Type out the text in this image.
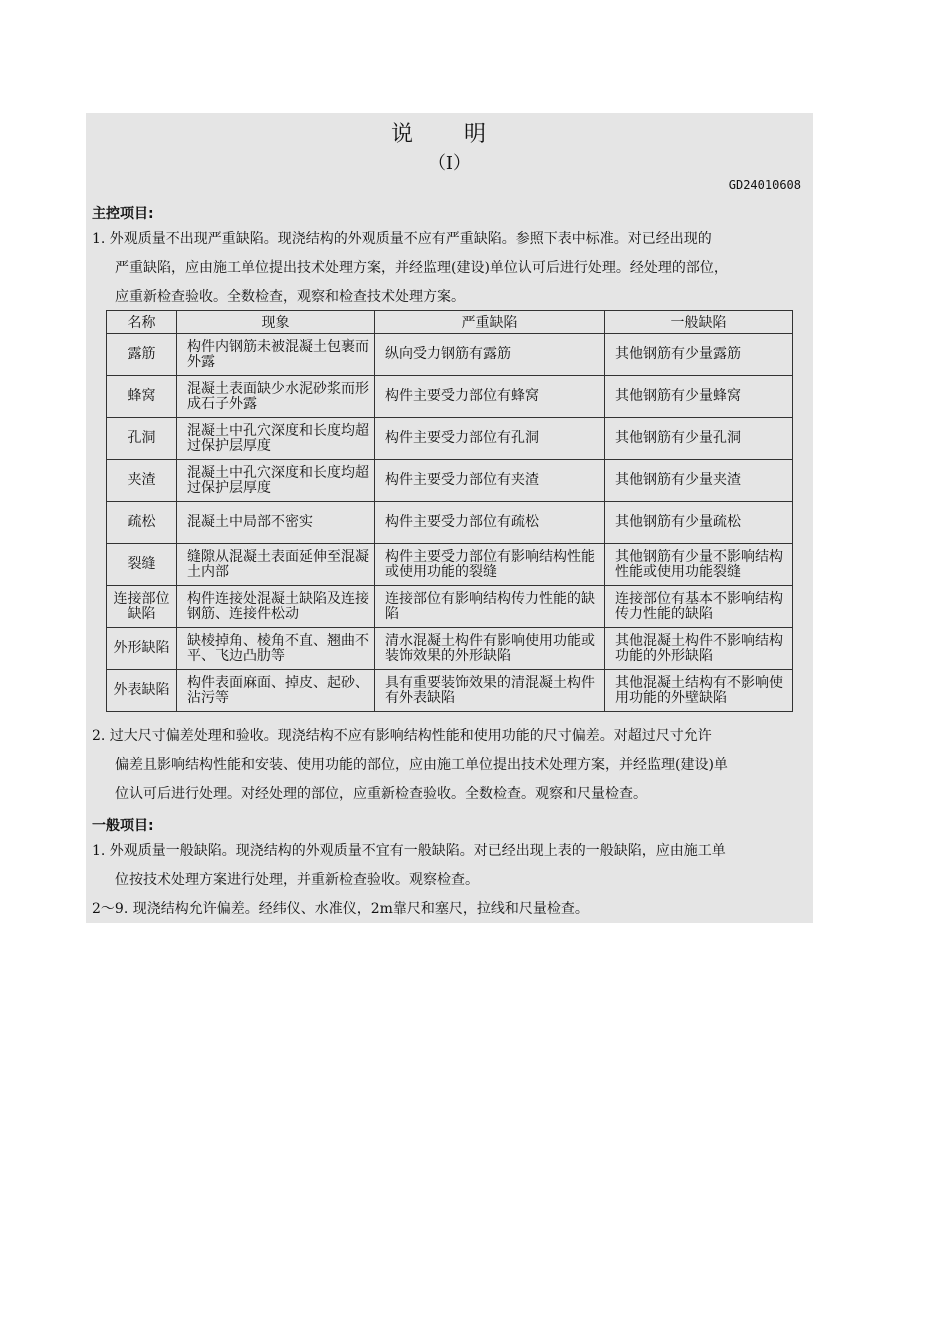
说 明
（Ⅰ）
GD24010608
主控项目:
1. 外观质量不出现严重缺陷。现浇结构的外观质量不应有严重缺陷。参照下表中标准。对已经出现的
严重缺陷，应由施工单位提出技术处理方案，并经监理(建设)单位认可后进行处理。经处理的部位，
应重新检查验收。全数检查，观察和检查技术处理方案。
名称	现象	严重缺陷	一般缺陷
露筋	构件内钢筋未被混凝土包裹而外露	纵向受力钢筋有露筋	其他钢筋有少量露筋
蜂窝	混凝土表面缺少水泥砂浆而形成石子外露	构件主要受力部位有蜂窝	其他钢筋有少量蜂窝
孔洞	混凝土中孔穴深度和长度均超过保护层厚度	构件主要受力部位有孔洞	其他钢筋有少量孔洞
夹渣	混凝土中孔穴深度和长度均超过保护层厚度	构件主要受力部位有夹渣	其他钢筋有少量夹渣
疏松	混凝土中局部不密实	构件主要受力部位有疏松	其他钢筋有少量疏松
裂缝	缝隙从混凝土表面延伸至混凝土内部	构件主要受力部位有影响结构性能或使用功能的裂缝	其他钢筋有少量不影响结构性能或使用功能裂缝
连接部位缺陷	构件连接处混凝土缺陷及连接钢筋、连接件松动	连接部位有影响结构传力性能的缺陷	连接部位有基本不影响结构传力性能的缺陷
外形缺陷	缺棱掉角、棱角不直、翘曲不平、飞边凸肋等	清水混凝土构件有影响使用功能或装饰效果的外形缺陷	其他混凝土构件不影响结构功能的外形缺陷
外表缺陷	构件表面麻面、掉皮、起砂、沾污等	具有重要装饰效果的清混凝土构件有外表缺陷	其他混凝土结构有不影响使用功能的外壁缺陷
2. 过大尺寸偏差处理和验收。现浇结构不应有影响结构性能和使用功能的尺寸偏差。对超过尺寸允许
偏差且影响结构性能和安装、使用功能的部位，应由施工单位提出技术处理方案，并经监理(建设)单
位认可后进行处理。对经处理的部位，应重新检查验收。全数检查。观察和尺量检查。
一般项目:
1. 外观质量一般缺陷。现浇结构的外观质量不宜有一般缺陷。对已经出现上表的一般缺陷，应由施工单
位按技术处理方案进行处理，并重新检查验收。观察检查。
2～9. 现浇结构允许偏差。经纬仪、水准仪，2m靠尺和塞尺，拉线和尺量检查。
